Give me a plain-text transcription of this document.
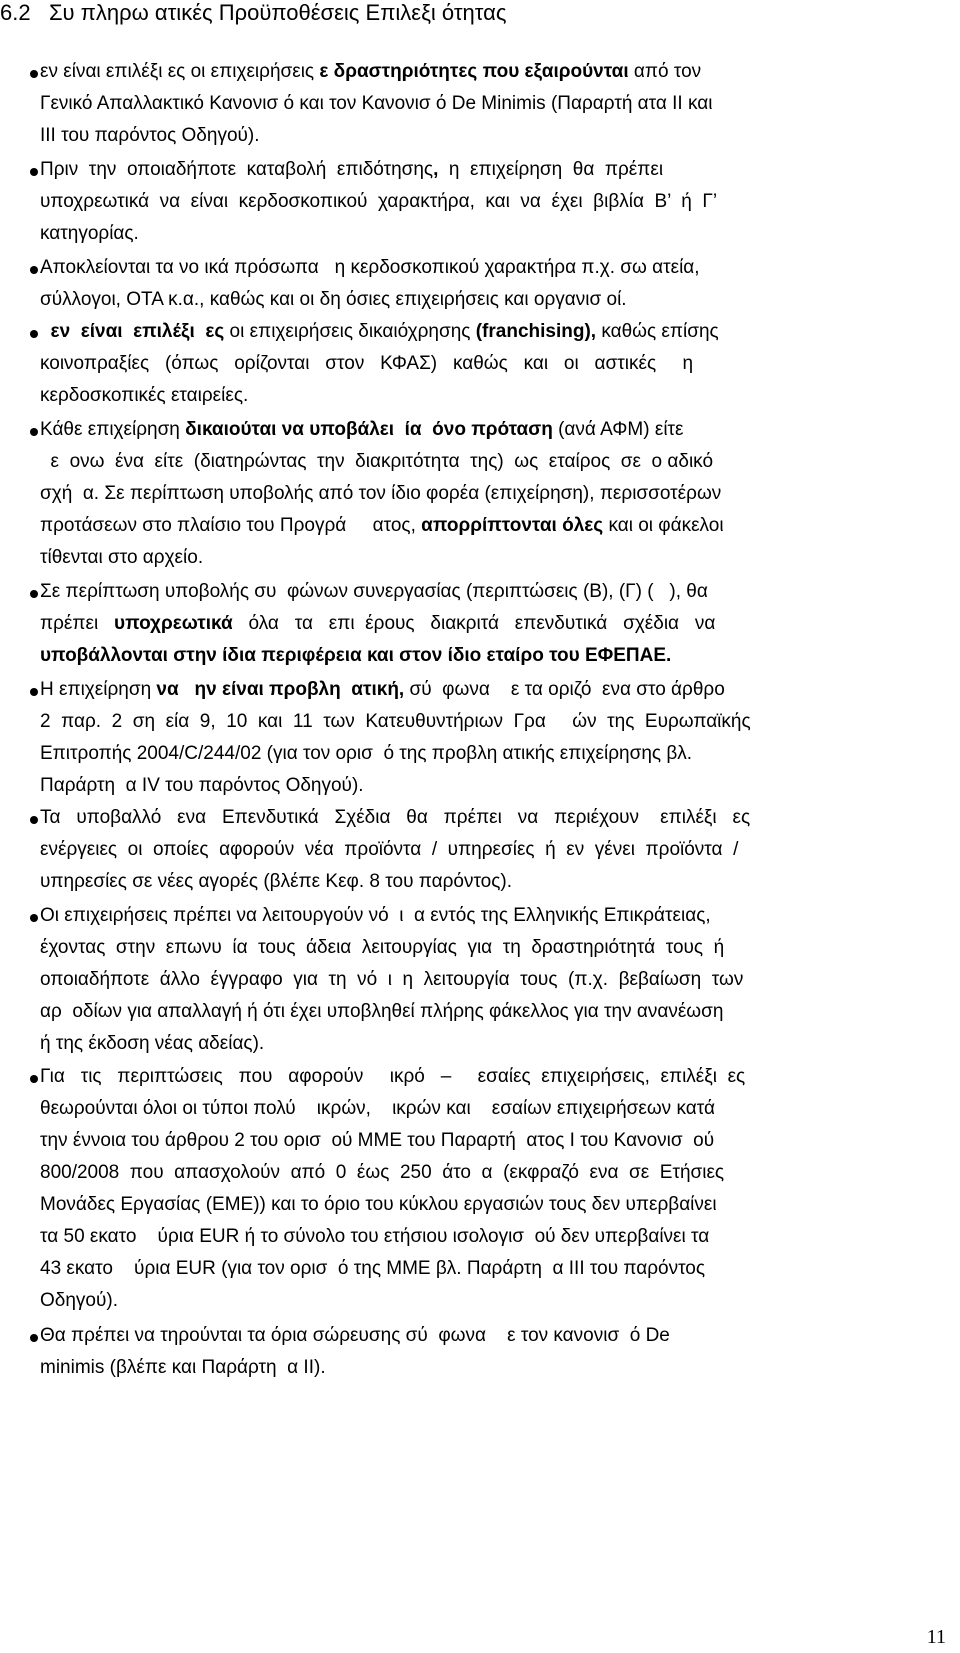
6.2 Συ πληρω ατικές Προϋποθέσεις Επιλεξι ότητας
εν είναι επιλέξι ες οι επιχειρήσεις ε δραστηριότητες που εξαιρούνται από τον
Γενικό Απαλλακτικό Κανονισ ό και τον Κανονισ ό De Minimis (Παραρτή ατα ΙΙ και
ΙΙΙ του παρόντος Οδηγού).
Πριν  την  οποιαδήποτε  καταβολή  επιδότησης,  η  επιχείρηση  θα  πρέπει
υποχρεωτικά  να  είναι  κερδοσκοπικού  χαρακτήρα,  και  να  έχει  βιβλία  Β’  ή  Γ’
κατηγορίας.
Αποκλείονται τα νο ικά πρόσωπα   η κερδοσκοπικού χαρακτήρα π.χ. σω ατεία,
σύλλογοι, ΟΤΑ κ.α., καθώς και οι δη όσιες επιχειρήσεις και οργανισ οί.
εν  είναι  επιλέξι  ες οι επιχειρήσεις δικαιόχρησης (franchising), καθώς επίσης
κοινοπραξίες   (όπως   ορίζονται   στον   ΚΦΑΣ)   καθώς   και   οι   αστικές     η
κερδοσκοπικές εταιρείες.
Κάθε επιχείρηση δικαιούται να υποβάλει  ία  όνο πρόταση (ανά ΑΦΜ) είτε
ε  ονω  ένα  είτε  (διατηρώντας  την  διακριτότητα  της)  ως  εταίρος  σε  ο αδικό
σχή  α. Σε περίπτωση υποβολής από τον ίδιο φορέα (επιχείρηση), περισσοτέρων
προτάσεων στο πλαίσιο του Προγρά     ατος, απορρίπτονται όλες και οι φάκελοι
τίθενται στο αρχείο.
Σε περίπτωση υποβολής συ  φώνων συνεργασίας (περιπτώσεις (Β), (Γ) (   ), θα
πρέπει   υποχρεωτικά   όλα   τα   επι  έρους   διακριτά   επενδυτικά   σχέδια   να
υποβάλλονται στην ίδια περιφέρεια και στον ίδιο εταίρο του ΕΦΕΠΑΕ.
Η επιχείρηση να   ην είναι προβλη  ατική, σύ  φωνα    ε τα οριζό  ενα στο άρθρο
2  παρ.  2  ση  εία  9,  10  και  11  των  Κατευθυντήριων  Γρα     ών  της  Ευρωπαϊκής
Επιτροπής 2004/C/244/02 (για τον ορισ  ό της προβλη ατικής επιχείρησης βλ.
Παράρτη  α IV του παρόντος Οδηγού).
Τα   υποβαλλό   ενα   Επενδυτικά   Σχέδια   θα   πρέπει   να   περιέχουν    επιλέξι   ες
ενέργειες  οι  οποίες  αφορούν  νέα  προϊόντα  /  υπηρεσίες  ή  εν  γένει  προϊόντα  /
υπηρεσίες σε νέες αγορές (βλέπε Κεφ. 8 του παρόντος).
Οι επιχειρήσεις πρέπει να λειτουργούν νό  ι  α εντός της Ελληνικής Επικράτειας,
έχοντας  στην  επωνυ  ία  τους  άδεια  λειτουργίας  για  τη  δραστηριότητά  τους  ή
οποιαδήποτε  άλλο  έγγραφο  για  τη  νό  ι  η  λειτουργία  τους  (π.χ.  βεβαίωση  των
αρ  οδίων για απαλλαγή ή ότι έχει υποβληθεί πλήρης φάκελλος για την ανανέωση
ή της έκδοση νέας αδείας).
Για   τις   περιπτώσεις   που   αφορούν     ικρό   –     εσαίες  επιχειρήσεις,  επιλέξι  ες
θεωρούνται όλοι οι τύποι πολύ    ικρών,    ικρών και    εσαίων επιχειρήσεων κατά
την έννοια του άρθρου 2 του ορισ  ού ΜΜΕ του Παραρτή  ατος Ι του Κανονισ  ού
800/2008  που  απασχολούν  από  0  έως  250  άτο  α  (εκφραζό  ενα  σε  Ετήσιες
Μονάδες Εργασίας (ΕΜΕ)) και το όριο του κύκλου εργασιών τους δεν υπερβαίνει
τα 50 εκατο    ύρια EUR ή το σύνολο του ετήσιου ισολογισ  ού δεν υπερβαίνει τα
43 εκατο    ύρια EUR (για τον ορισ  ό της ΜΜΕ βλ. Παράρτη  α ΙΙΙ του παρόντος
Οδηγού).
Θα πρέπει να τηρούνται τα όρια σώρευσης σύ  φωνα    ε τον κανονισ  ό De
minimis (βλέπε και Παράρτη  α ΙΙ).
11
